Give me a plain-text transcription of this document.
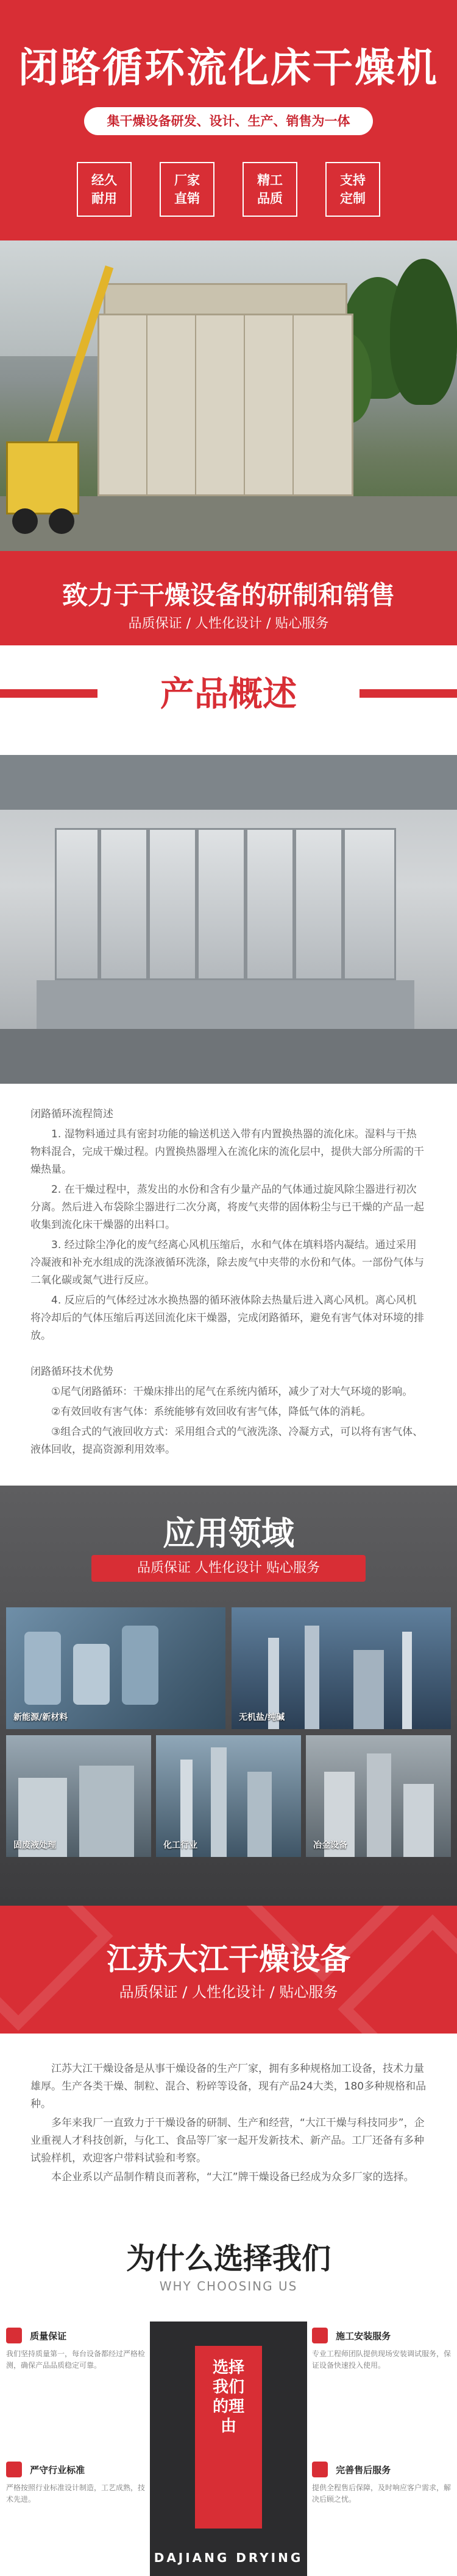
闭路循环流化床干燥机
集干燥设备研发、设计、生产、销售为一体
经久
耐用
厂家
直销
精工
品质
支持
定制
致力于干燥设备的研制和销售
品质保证 / 人性化设计 / 贴心服务
产品概述

闭路循环流程简述

1. 湿物料通过具有密封功能的输送机送入带有内置换热器的流化床。湿料与干热物料混合，完成干燥过程。内置换热器埋入在流化床的流化层中，提供大部分所需的干燥热量。

2. 在干燥过程中，蒸发出的水份和含有少量产品的气体通过旋风除尘器进行初次分离。然后进入布袋除尘器进行二次分离，将废气夹带的固体粉尘与已干燥的产品一起收集到流化床干燥器的出料口。

3. 经过除尘净化的废气经离心风机压缩后，水和气体在填料塔内凝结。通过采用冷凝液和补充水组成的洗涤液循环洗涤，除去废气中夹带的水份和气体。一部份气体与二氧化碳或氮气进行反应。

4. 反应后的气体经过冰水换热器的循环液体除去热量后进入离心风机。离心风机将冷却后的气体压缩后再送回流化床干燥器，完成闭路循环，避免有害气体对环境的排放。

闭路循环技术优势

①尾气闭路循环：干燥床排出的尾气在系统内循环，减少了对大气环境的影响。

②有效回收有害气体：系统能够有效回收有害气体，降低气体的消耗。

③组合式的气液回收方式：采用组合式的气液洗涤、冷凝方式，可以将有害气体、液体回收，提高资源利用效率。

应用领域
品质保证 人性化设计 贴心服务
新能源/新材料	无机盐/纯碱
固废液处理	化工行业	冶金设备
江苏大江干燥设备
品质保证 / 人性化设计 / 贴心服务

江苏大江干燥设备是从事干燥设备的生产厂家，拥有多种规格加工设备，技术力量雄厚。生产各类干燥、制粒、混合、粉碎等设备，现有产品24大类，180多种规格和品种。

多年来我厂一直致力于干燥设备的研制、生产和经营，“大江干燥与科技同步”，企业重视人才科技创新，与化工、食品等厂家一起开发新技术、新产品。工厂还备有多种试验样机，欢迎客户带料试验和考察。

本企业系以产品制作精良而著称，“大江”牌干燥设备已经成为众多厂家的选择。

为什么选择我们
WHY CHOOSING US
质量保证
我们坚持质量第一，每台设备都经过严格检测，确保产品品质稳定可靠。
施工安装服务
专业工程师团队提供现场安装调试服务，保证设备快速投入使用。
严守行业标准
严格按照行业标准设计制造，工艺成熟，技术先进。
完善售后服务
提供全程售后保障，及时响应客户需求，解决后顾之忧。
选择我们的理由
DAJIANG DRYING
